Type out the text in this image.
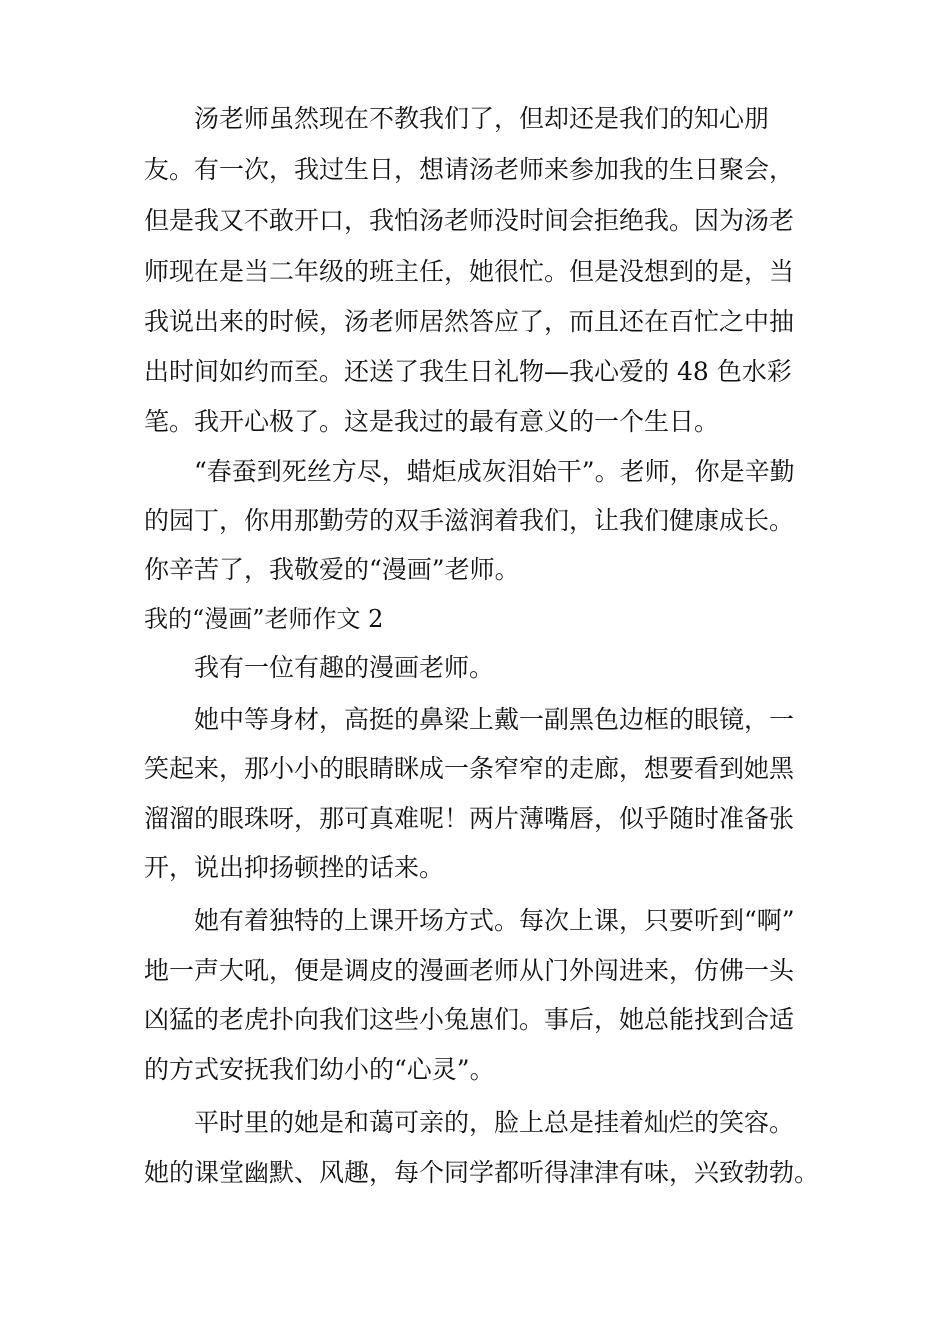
汤老师虽然现在不教我们了，但却还是我们的知心朋
友。有一次，我过生日，想请汤老师来参加我的生日聚会，
但是我又不敢开口，我怕汤老师没时间会拒绝我。因为汤老
师现在是当二年级的班主任，她很忙。但是没想到的是，当
我说出来的时候，汤老师居然答应了，而且还在百忙之中抽
出时间如约而至。还送了我生日礼物—我心爱的 48 色水彩
笔。我开心极了。这是我过的最有意义的一个生日。
“春蚕到死丝方尽，蜡炬成灰泪始干”。老师，你是辛勤
的园丁，你用那勤劳的双手滋润着我们，让我们健康成长。
你辛苦了，我敬爱的“漫画”老师。
我的“漫画”老师作文 2
我有一位有趣的漫画老师。
她中等身材，高挺的鼻梁上戴一副黑色边框的眼镜，一
笑起来，那小小的眼睛眯成一条窄窄的走廊，想要看到她黑
溜溜的眼珠呀，那可真难呢！两片薄嘴唇，似乎随时准备张
开，说出抑扬顿挫的话来。
她有着独特的上课开场方式。每次上课，只要听到“啊”
地一声大吼，便是调皮的漫画老师从门外闯进来，仿佛一头
凶猛的老虎扑向我们这些小兔崽们。事后，她总能找到合适
的方式安抚我们幼小的“心灵”。
平时里的她是和蔼可亲的，脸上总是挂着灿烂的笑容。
她的课堂幽默、风趣，每个同学都听得津津有味，兴致勃勃。
